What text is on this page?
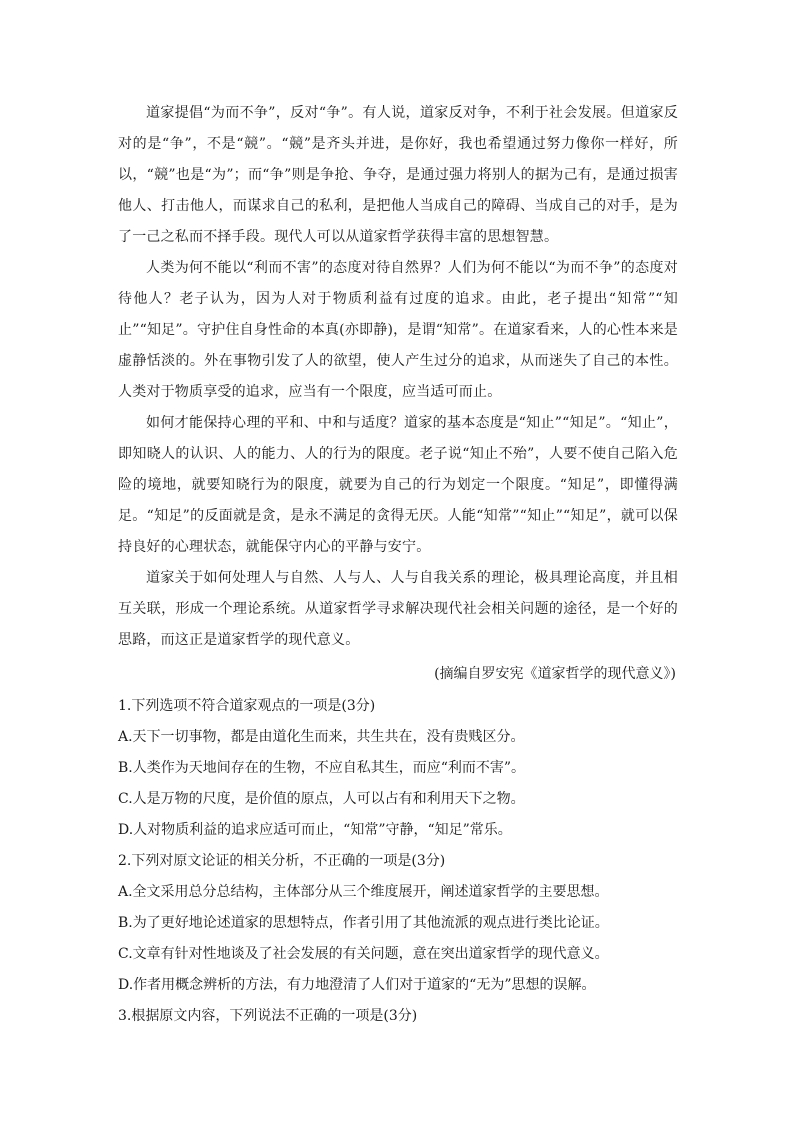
道家提倡“为而不争”，反对“争”。有人说，道家反对争，不利于社会发展。但道家反对的是“争”，不是“競”。“競”是齐头并进，是你好，我也希望通过努力像你一样好，所以，“競”也是“为”；而“争”则是争抢、争夺，是通过强力将别人的据为己有，是通过损害他人、打击他人，而谋求自己的私利，是把他人当成自己的障碍、当成自己的对手，是为了一己之私而不择手段。现代人可以从道家哲学获得丰富的思想智慧。

人类为何不能以“利而不害”的态度对待自然界？人们为何不能以“为而不争”的态度对待他人？老子认为，因为人对于物质利益有过度的追求。由此，老子提出“知常”“知止”“知足”。守护住自身性命的本真(亦即静)，是谓“知常”。在道家看来，人的心性本来是虚静恬淡的。外在事物引发了人的欲望，使人产生过分的追求，从而迷失了自己的本性。人类对于物质享受的追求，应当有一个限度，应当适可而止。

如何才能保持心理的平和、中和与适度？道家的基本态度是“知止”“知足”。“知止”，即知晓人的认识、人的能力、人的行为的限度。老子说“知止不殆”，人要不使自己陷入危险的境地，就要知晓行为的限度，就要为自己的行为划定一个限度。“知足”，即懂得满足。“知足”的反面就是贪，是永不满足的贪得无厌。人能“知常”“知止”“知足”，就可以保持良好的心理状态，就能保守内心的平静与安宁。

道家关于如何处理人与自然、人与人、人与自我关系的理论，极具理论高度，并且相互关联，形成一个理论系统。从道家哲学寻求解决现代社会相关问题的途径，是一个好的思路，而这正是道家哲学的现代意义。

(摘编自罗安宪《道家哲学的现代意义》)

1.下列选项不符合道家观点的一项是(3分)

A.天下一切事物，都是由道化生而来，共生共在，没有贵贱区分。

B.人类作为天地间存在的生物，不应自私其生，而应“利而不害”。

C.人是万物的尺度，是价值的原点，人可以占有和利用天下之物。

D.人对物质利益的追求应适可而止，“知常”守静，“知足”常乐。

2.下列对原文论证的相关分析，不正确的一项是(3分)

A.全文采用总分总结构，主体部分从三个维度展开，阐述道家哲学的主要思想。

B.为了更好地论述道家的思想特点，作者引用了其他流派的观点进行类比论证。

C.文章有针对性地谈及了社会发展的有关问题，意在突出道家哲学的现代意义。

D.作者用概念辨析的方法，有力地澄清了人们对于道家的“无为”思想的误解。

3.根据原文内容，下列说法不正确的一项是(3分)
